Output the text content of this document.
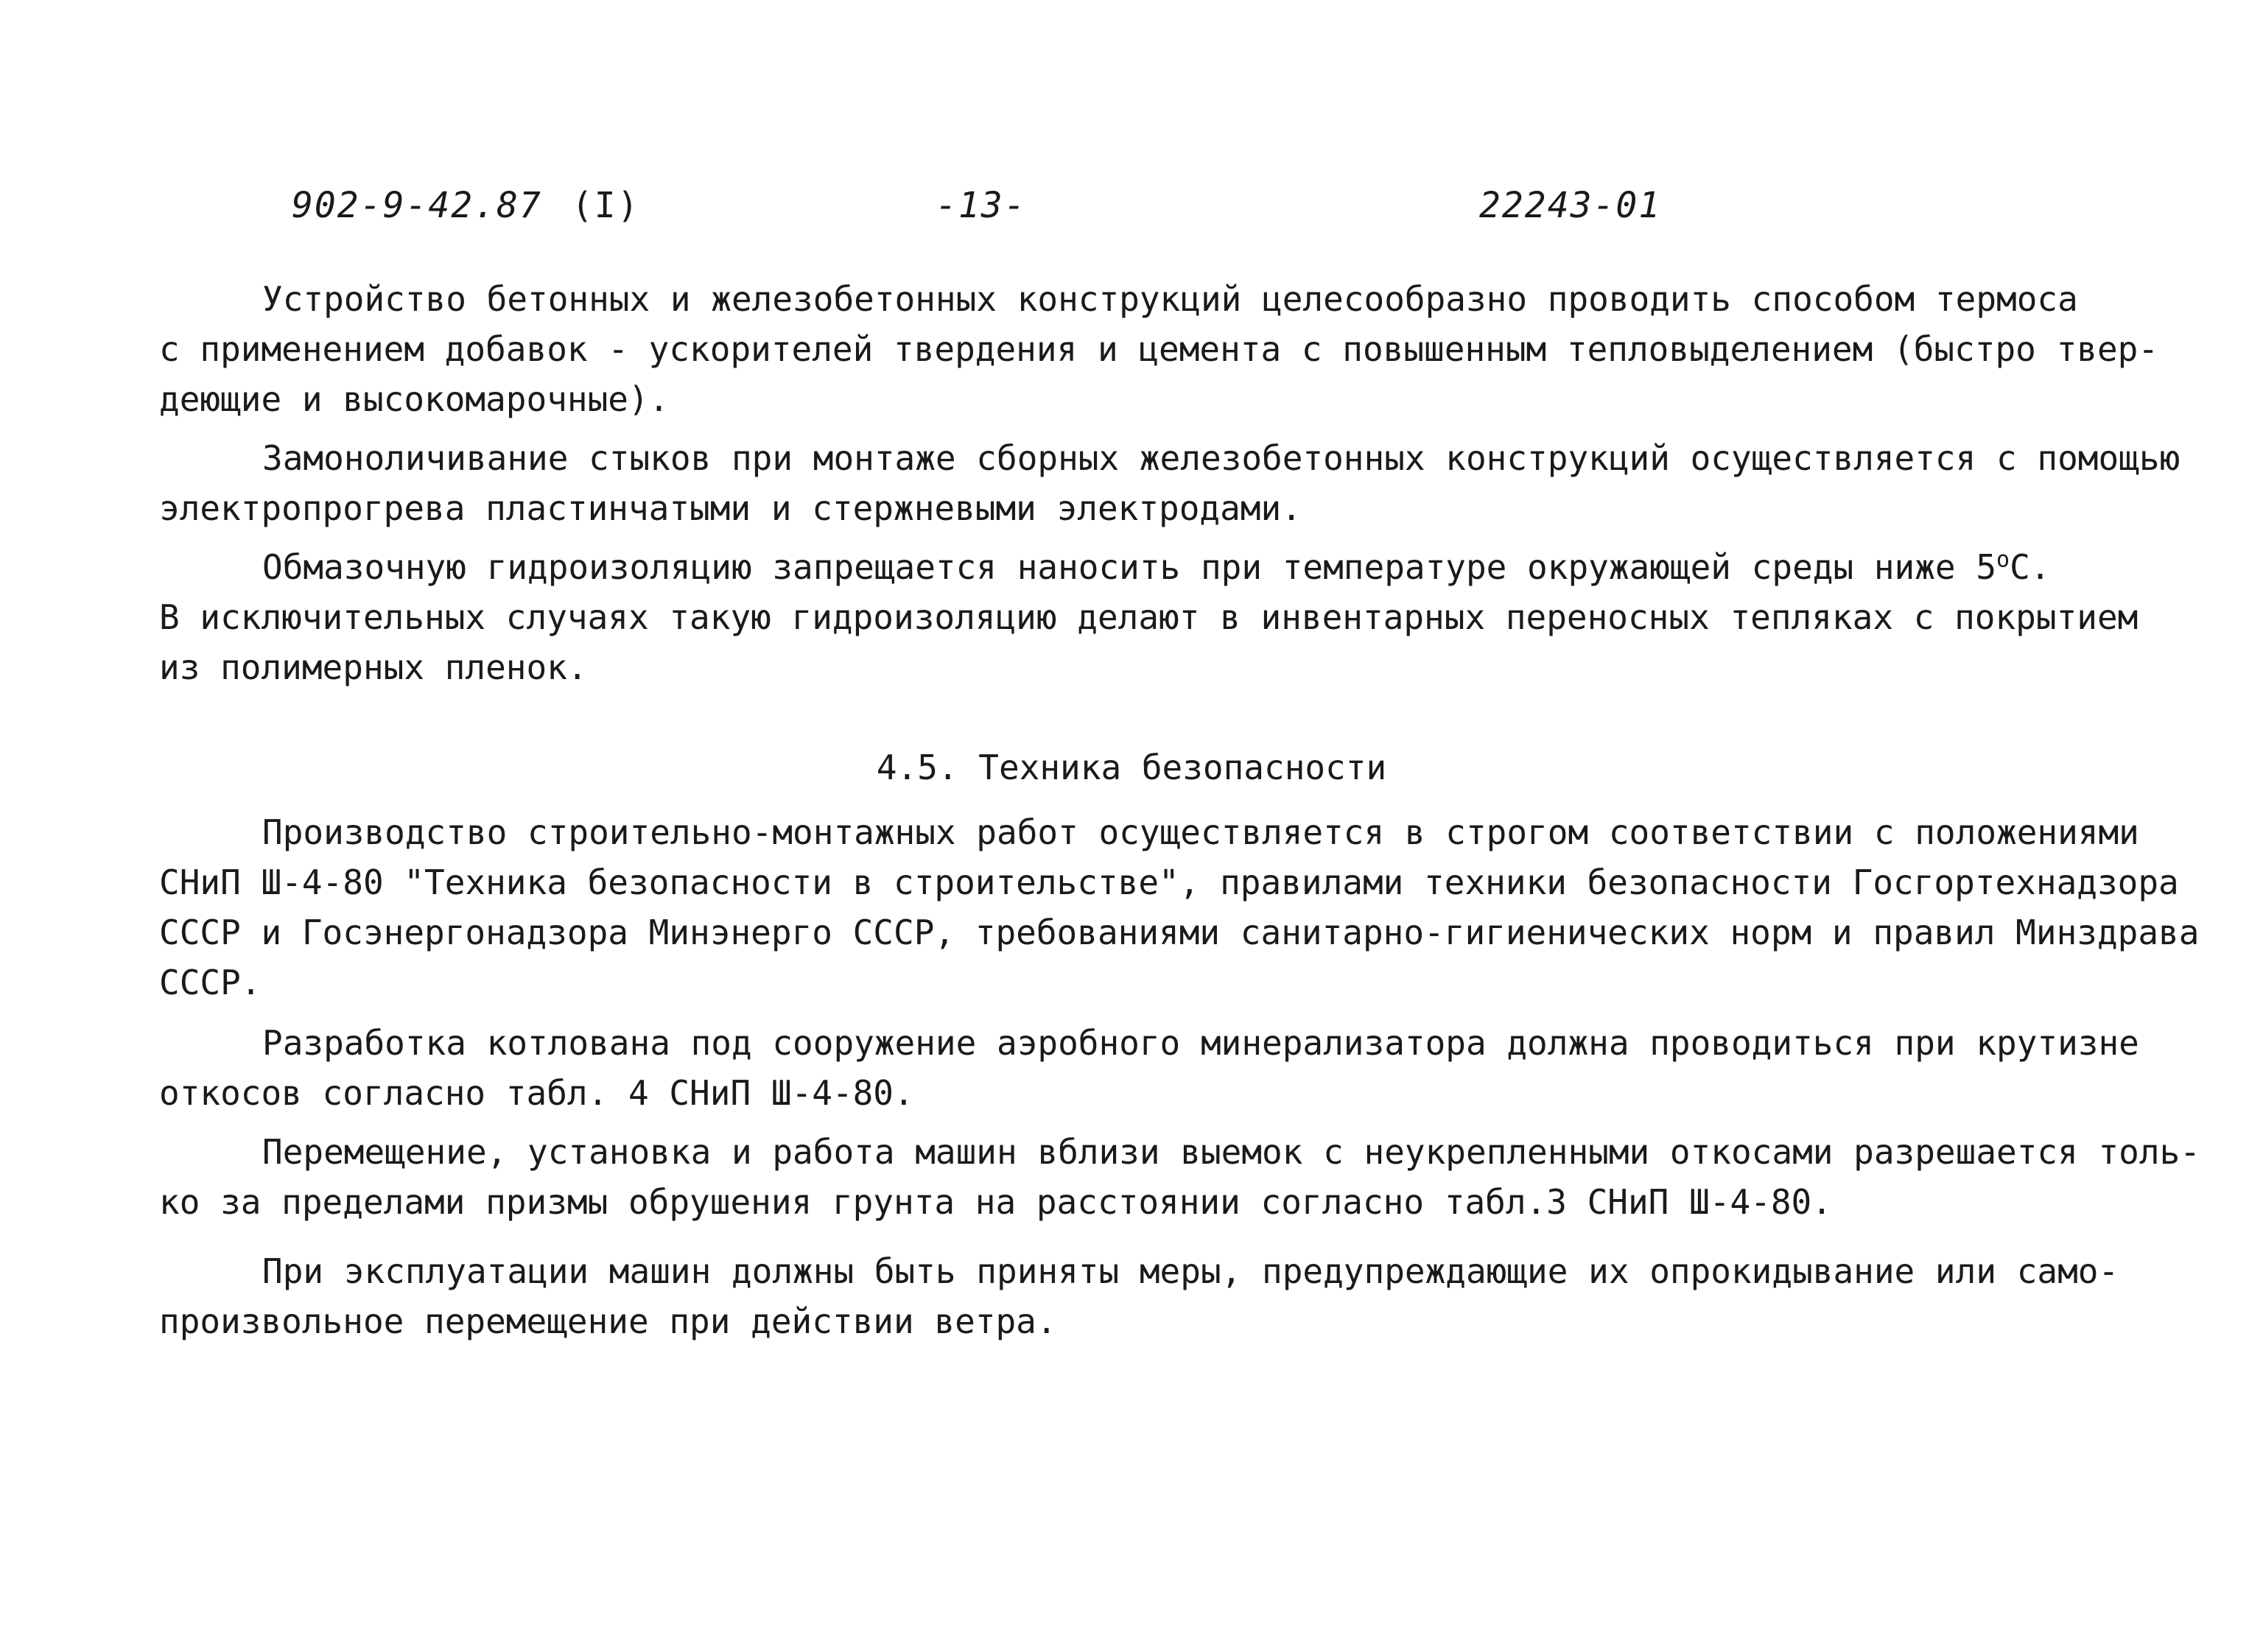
902-9-42.87 (I)	-13-	22243-01
Устройство бетонных и железобетонных конструкций целесообразно проводить способом термоса
с применением добавок - ускорителей твердения и цемента с повышенным тепловыделением (быстро твер-
деющие и высокомарочные).
Замоноличивание стыков при монтаже сборных железобетонных конструкций осуществляется с помощью
электропрогрева пластинчатыми и стержневыми электродами.
Обмазочную гидроизоляцию запрещается наносить при температуре окружающей среды ниже $5^оС$.
В исключительных случаях такую гидроизоляцию делают в инвентарных переносных тепляках с покрытием
из полимерных пленок.
4.5. Техника безопасности
Производство строительно-монтажных работ осуществляется в строгом соответствии с положениями
СНиП Ш-4-80 "Техника безопасности в строительстве", правилами техники безопасности Госгортехнадзора
СССР и Госэнергонадзора Минэнерго СССР, требованиями санитарно-гигиенических норм и правил Минздрава
СССР.
Разработка котлована под сооружение аэробного минерализатора должна проводиться при крутизне
откосов согласно табл. 4 СНиП Ш-4-80.
Перемещение, установка и работа машин вблизи выемок с неукрепленными откосами разрешается толь-
ко за пределами призмы обрушения грунта на расстоянии согласно табл.3 СНиП Ш-4-80.
При эксплуатации машин должны быть приняты меры, предупреждающие их опрокидывание или само-
произвольное перемещение при действии ветра.
